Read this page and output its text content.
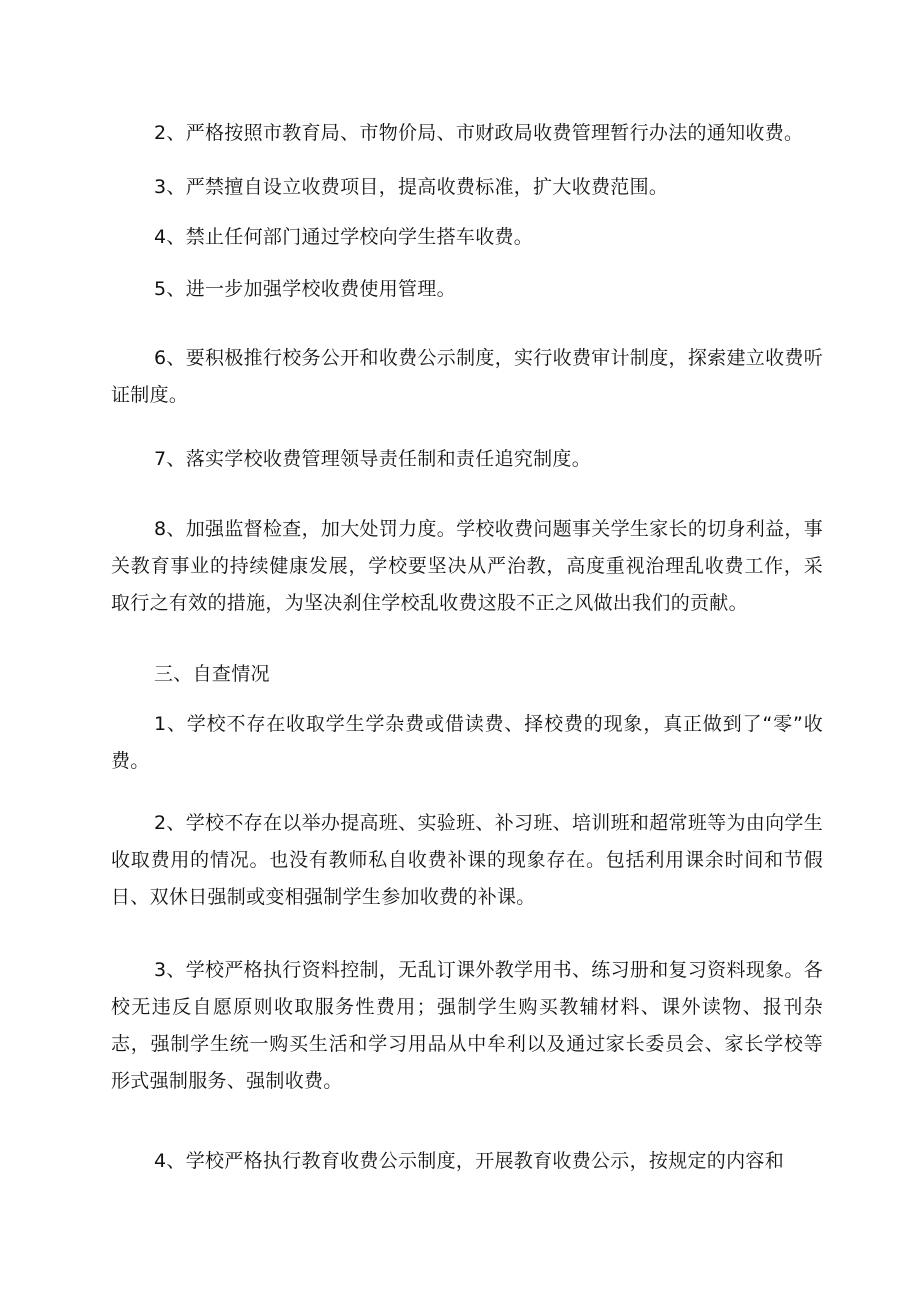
2、严格按照市教育局、市物价局、市财政局收费管理暂行办法的通知收费。

3、严禁擅自设立收费项目，提高收费标准，扩大收费范围。

4、禁止任何部门通过学校向学生搭车收费。

5、进一步加强学校收费使用管理。

6、要积极推行校务公开和收费公示制度，实行收费审计制度，探索建立收费听证制度。

7、落实学校收费管理领导责任制和责任追究制度。

8、加强监督检查，加大处罚力度。学校收费问题事关学生家长的切身利益，事关教育事业的持续健康发展，学校要坚决从严治教，高度重视治理乱收费工作，采取行之有效的措施，为坚决刹住学校乱收费这股不正之风做出我们的贡献。

三、自查情况

1、学校不存在收取学生学杂费或借读费、择校费的现象，真正做到了“零”收费。

2、学校不存在以举办提高班、实验班、补习班、培训班和超常班等为由向学生收取费用的情况。也没有教师私自收费补课的现象存在。包括利用课余时间和节假日、双休日强制或变相强制学生参加收费的补课。

3、学校严格执行资料控制，无乱订课外教学用书、练习册和复习资料现象。各校无违反自愿原则收取服务性费用；强制学生购买教辅材料、课外读物、报刊杂志，强制学生统一购买生活和学习用品从中牟利以及通过家长委员会、家长学校等形式强制服务、强制收费。

4、学校严格执行教育收费公示制度，开展教育收费公示，按规定的内容和
